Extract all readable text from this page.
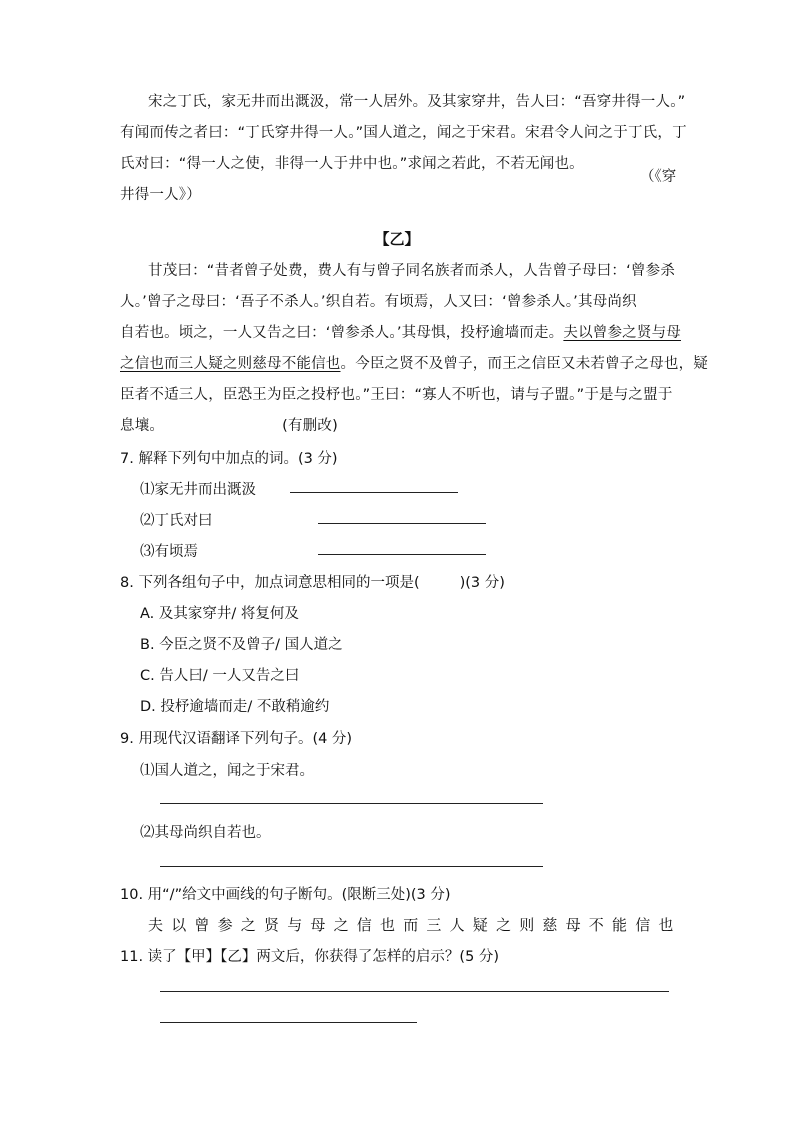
宋之丁氏，家无井而出溉汲，常一人居外。及其家穿井，告人曰：“吾穿井得一人。”
有闻而传之者曰：“丁氏穿井得一人。”国人道之，闻之于宋君。宋君令人问之于丁氏，丁
氏对曰：“得一人之使，非得一人于井中也。”求闻之若此，不若无闻也。
井得一人》）
（《穿
【乙】
甘茂曰：“昔者曾子处费，费人有与曾子同名族者而杀人，人告曾子母曰：‘曾参杀
人。’曾子之母曰：‘吾子不杀人。’织自若。有顷焉，人又曰：‘曾参杀人。’其母尚织
自若也。顷之，一人又告之曰：‘曾参杀人。’其母惧，投杼逾墙而走。夫以曾参之贤与母
之信也而三人疑之则慈母不能信也。今臣之贤不及曾子，而王之信臣又未若曾子之母也，疑
臣者不适三人，臣恐王为臣之投杼也。”王曰：“寡人不听也，请与子盟。”于是与之盟于
息壤。	(有删改)
7. 解释下列句中加点的词。(3 分)
⑴家无井而出溉汲
⑵丁氏对曰
⑶有顷焉
8. 下列各组句子中，加点词意思相同的一项是(	)(3 分)
A. 及其家穿井/ 将复何及
B. 今臣之贤不及曾子/ 国人道之
C. 告人曰/ 一人又告之曰
D. 投杼逾墙而走/ 不敢稍逾约
9. 用现代汉语翻译下列句子。(4 分)
⑴国人道之，闻之于宋君。
⑵其母尚织自若也。
10. 用“/”给文中画线的句子断句。(限断三处)(3 分)
夫以曾参之贤与母之信也而三人疑之则慈母不能信也
11. 读了【甲】【乙】两文后，你获得了怎样的启示？(5 分)
